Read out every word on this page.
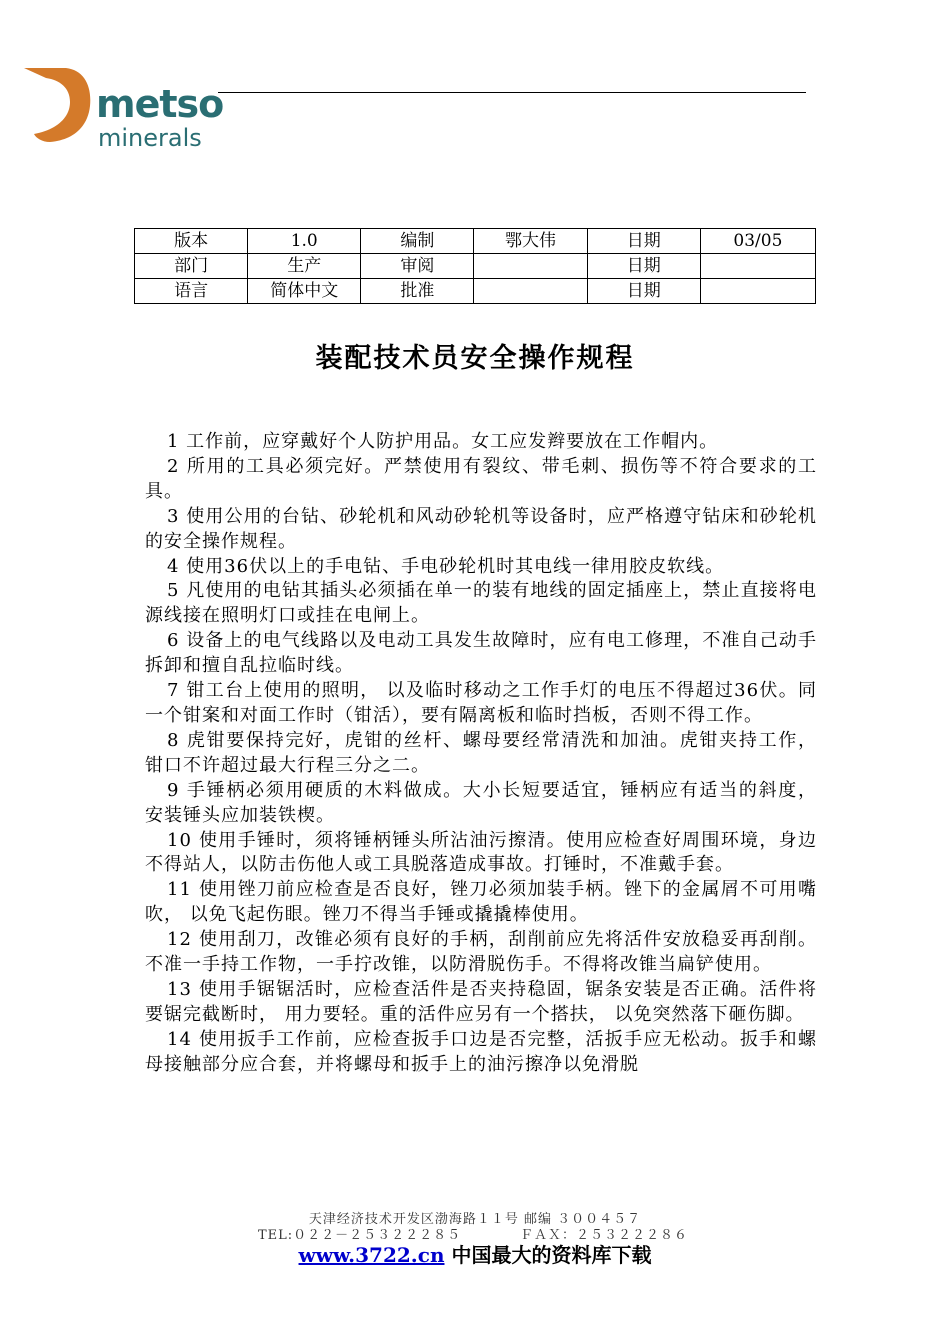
metso
minerals
版本	1.0	编制	鄂大伟	日期	03/05
部门	生产	审阅		日期	
语言	简体中文	批准		日期	
装配技术员安全操作规程

1 工作前，应穿戴好个人防护用品。女工应发辫要放在工作帽内。

2 所用的工具必须完好。严禁使用有裂纹、带毛刺、损伤等不符合要求的工具。

3 使用公用的台钻、砂轮机和风动砂轮机等设备时，应严格遵守钻床和砂轮机的安全操作规程。

4 使用36伏以上的手电钻、手电砂轮机时其电线一律用胶皮软线。

5 凡使用的电钻其插头必须插在单一的装有地线的固定插座上，禁止直接将电源线接在照明灯口或挂在电闸上。

6 设备上的电气线路以及电动工具发生故障时，应有电工修理，不准自己动手拆卸和擅自乱拉临时线。

7 钳工台上使用的照明， 以及临时移动之工作手灯的电压不得超过36伏。同一个钳案和对面工作时（钳活），要有隔离板和临时挡板，否则不得工作。

8 虎钳要保持完好，虎钳的丝杆、螺母要经常清洗和加油。虎钳夹持工作， 钳口不许超过最大行程三分之二。

9 手锤柄必须用硬质的木料做成。大小长短要适宜，锤柄应有适当的斜度， 安装锤头应加装铁楔。

10 使用手锤时，须将锤柄锤头所沾油污擦清。使用应检查好周围环境，身边不得站人，以防击伤他人或工具脱落造成事故。打锤时，不准戴手套。

11 使用锉刀前应检查是否良好，锉刀必须加装手柄。锉下的金属屑不可用嘴吹， 以免飞起伤眼。锉刀不得当手锤或撬撬棒使用。

12 使用刮刀，改锥必须有良好的手柄，刮削前应先将活件安放稳妥再刮削。不准一手持工作物，一手拧改锥，以防滑脱伤手。不得将改锥当扁铲使用。

13 使用手锯锯活时，应检查活件是否夹持稳固，锯条安装是否正确。活件将要锯完截断时， 用力要轻。重的活件应另有一个搭扶， 以免突然落下砸伤脚。

14 使用扳手工作前，应检查扳手口边是否完整，活扳手应无松动。扳手和螺母接触部分应合套，并将螺母和扳手上的油污擦净以免滑脱

天津经济技术开发区渤海路１１号 邮编 ３００４５７
TEL:０２２－２５３２２２８５	ＦＡＸ：２５３２２２８６
www.3722.cn 中国最大的资料库下载
